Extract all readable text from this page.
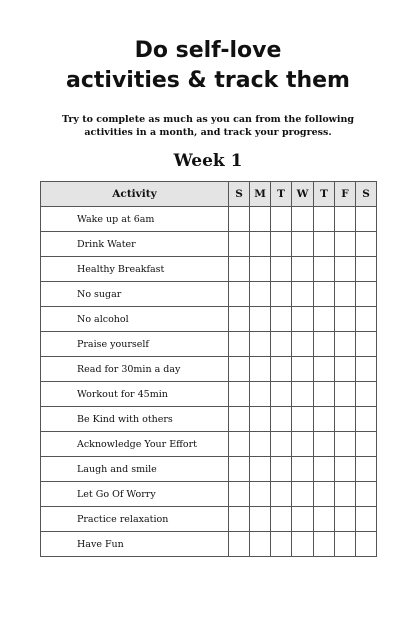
Do self-love
activities & track them
Try to complete as much as you can from the following
activities in a month, and track your progress.
Week 1
Activity	S	M	T	W	T	F	S
Wake up at 6am							
Drink Water							
Healthy Breakfast							
No sugar							
No alcohol							
Praise yourself							
Read for 30min a day							
Workout for 45min							
Be Kind with others							
Acknowledge Your Effort							
Laugh and smile							
Let Go Of Worry							
Practice relaxation							
Have Fun							
